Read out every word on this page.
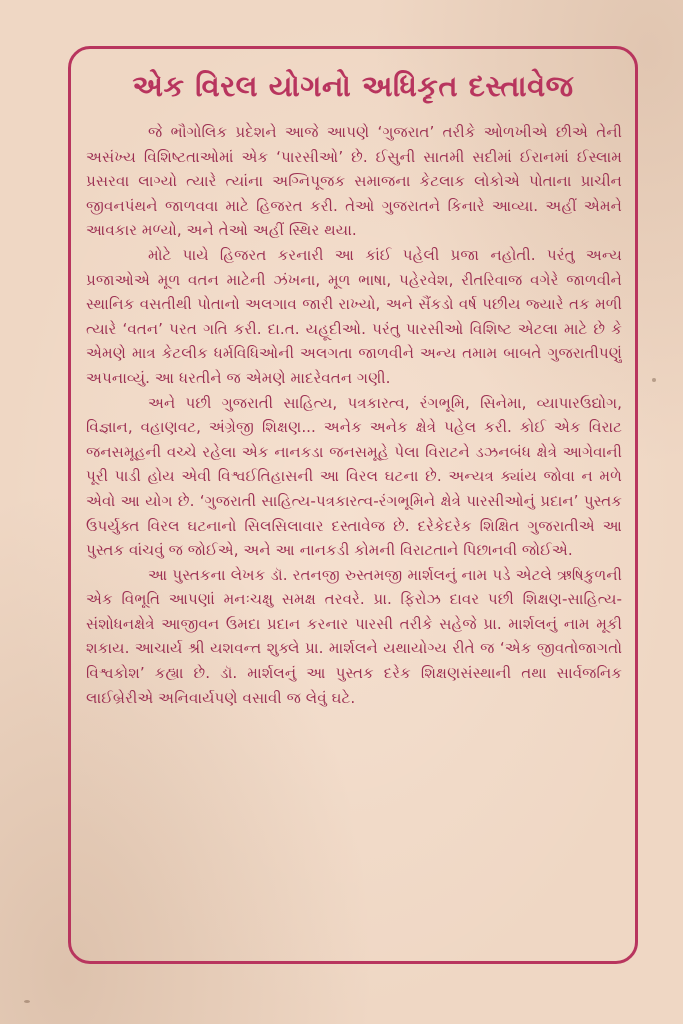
એક વિરલ યોગનો અધિકૃત દસ્તાવેજ

જે ભૌગોલિક પ્રદેશને આજે આપણે ‘ગુજરાત’ તરીકે ઓળખીએ છીએ તેની અસંખ્ય વિશિષ્ટતાઓમાં એક ‘પારસીઓ’ છે. ઈસુની સાતમી સદીમાં ઈરાનમાં ઈસ્લામ પ્રસરવા લાગ્યો ત્યારે ત્યાંના અગ્નિપૂજક સમાજના કેટલાક લોકોએ પોતાના પ્રાચીન જીવનપંથને જાળવવા માટે હિજરત કરી. તેઓ ગુજરાતને કિનારે આવ્યા. અહીં એમને આવકાર મળ્યો, અને તેઓ અહીં સ્થિર થયા.

મોટે પાયે હિજરત કરનારી આ કાંઈ પહેલી પ્રજા નહોતી. પરંતુ અન્ય પ્રજાઓએ મૂળ વતન માટેની ઝંખના, મૂળ ભાષા, પહેરવેશ, રીતરિવાજ વગેરે જાળવીને સ્થાનિક વસતીથી પોતાનો અલગાવ જારી રાખ્યો, અને સૈંકડો વર્ષ પછીય જ્યારે તક મળી ત્યારે ‘વતન’ પરત ગતિ કરી. દા.ત. યહૂદીઓ. પરંતુ પારસીઓ વિશિષ્ટ એટલા માટે છે કે એમણે માત્ર કેટલીક ધર્મવિધિઓની અલગતા જાળવીને અન્ય તમામ બાબતે ગુજરાતીપણું અપનાવ્યું. આ ધરતીને જ એમણે માદરેવતન ગણી.

અને પછી ગુજરાતી સાહિત્ય, પત્રકારત્વ, રંગભૂમિ, સિનેમા, વ્યાપારઉદ્યોગ, વિજ્ઞાન, વહાણવટ, અંગ્રેજી શિક્ષણ... અનેક અનેક ક્ષેત્રે પહેલ કરી. કોઈ એક વિરાટ જનસમૂહની વચ્ચે રહેલા એક નાનકડા જનસમૂહે પેલા વિરાટને ડઝનબંધ ક્ષેત્રે આગેવાની પૂરી પાડી હોય એવી વિશ્વઈતિહાસની આ વિરલ ઘટના છે. અન્યત્ર ક્યાંય જોવા ન મળે એવો આ યોગ છે. ‘ગુજરાતી સાહિત્ય-પત્રકારત્વ-રંગભૂમિને ક્ષેત્રે પારસીઓનું પ્રદાન’ પુસ્તક ઉપર્યુક્ત વિરલ ઘટનાનો સિલસિલાવાર દસ્તાવેજ છે. દરેકેદરેક શિક્ષિત ગુજરાતીએ આ પુસ્તક વાંચવું જ જોઈએ, અને આ નાનકડી કોમની વિરાટતાને પિછાનવી જોઈએ.

આ પુસ્તકના લેખક ડૉ. રતનજી રુસ્તમજી માર્શલનું નામ પડે એટલે ઋષિકુળની એક વિભૂતિ આપણાં મનઃચક્ષુ સમક્ષ તરવરે. પ્રા. ફિરોઝ દાવર પછી શિક્ષણ-સાહિત્ય-સંશોધનક્ષેત્રે આજીવન ઉમદા પ્રદાન કરનાર પારસી તરીકે સહેજે પ્રા. માર્શલનું નામ મૂકી શકાય. આચાર્ય શ્રી યશવન્ત શુક્લે પ્રા. માર્શલને યથાયોગ્ય રીતે જ ‘એક જીવતોજાગતો વિશ્વકોશ’ કહ્યા છે. ડૉ. માર્શલનું આ પુસ્તક દરેક શિક્ષણસંસ્થાની તથા સાર્વજનિક લાઈબ્રેરીએ અનિવાર્યપણે વસાવી જ લેવું ઘટે.
